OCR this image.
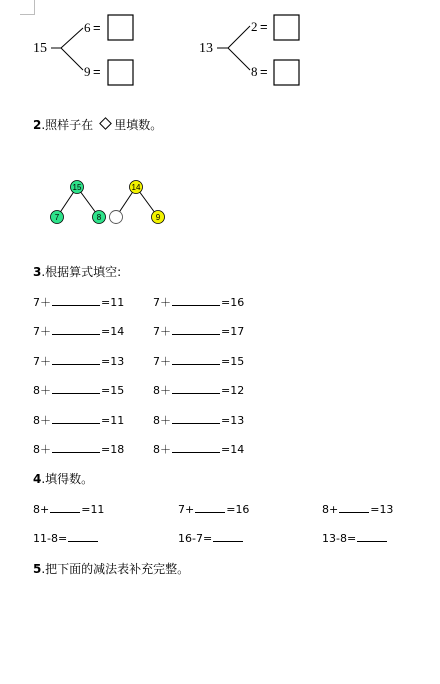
15
6 =
9 =
13
2 =
8 =
2.照样子在 里填数。
15
7	8
14
9
3.根据算式填空:
7＋	=11	7＋	=16
7＋	=14	7＋	=17
7＋	=13	7＋	=15
8＋	=15	8＋	=12
8＋	=11	8＋	=13
8＋	=18	8＋	=14
4.填得数。
8+	=11	7+	=16	8+	=13
11-8=	16-7=	13-8=
5.把下面的减法表补充完整。
